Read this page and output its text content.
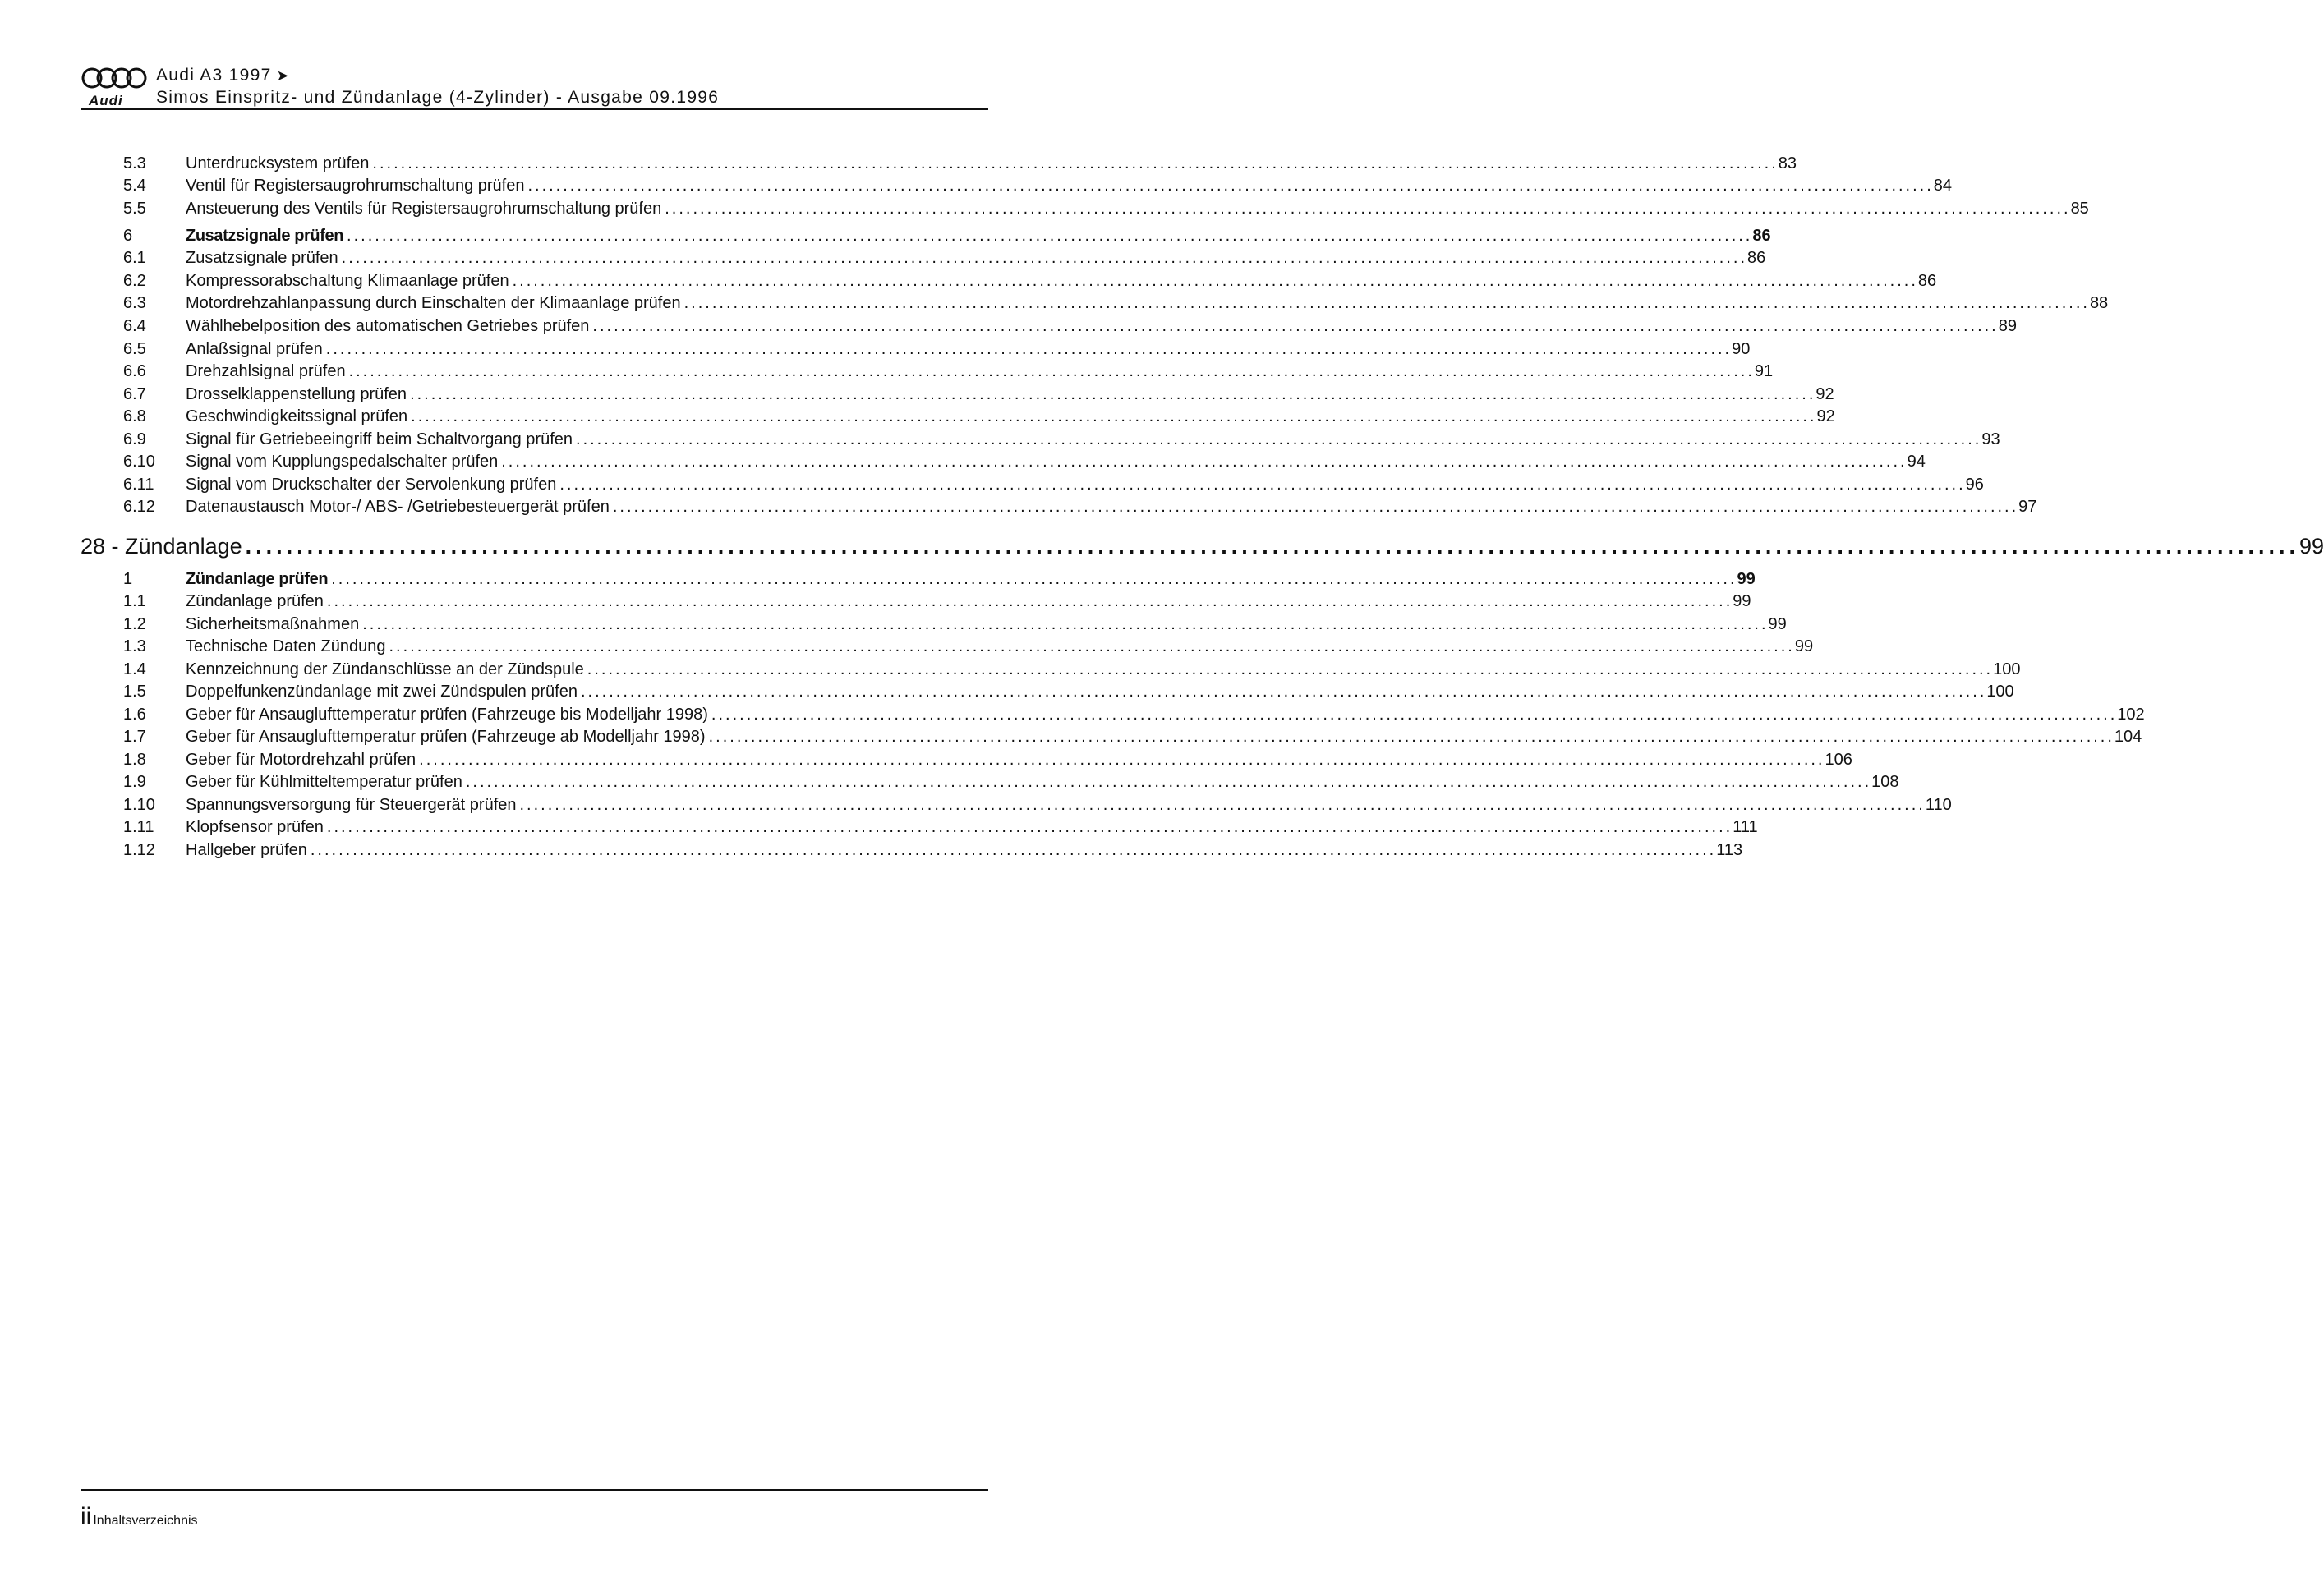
Audi
Audi A3 1997 ➤
Simos Einspritz- und Zündanlage (4-Zylinder) - Ausgabe 09.1996
5.3 Unterdrucksystem prüfen ........................................................................................................................................................................................................ 83
5.4 Ventil für Registersaugrohrumschaltung prüfen ........................................................................................................................................................................................................ 84
5.5 Ansteuerung des Ventils für Registersaugrohrumschaltung prüfen ........................................................................................................................................................................................................ 85
6	Zusatzsignale prüfen ........................................................................................................................................................................................................ 86
6.1 Zusatzsignale prüfen ........................................................................................................................................................................................................ 86
6.2 Kompressorabschaltung Klimaanlage prüfen ........................................................................................................................................................................................................ 86
6.3 Motordrehzahlanpassung durch Einschalten der Klimaanlage prüfen ........................................................................................................................................................................................................ 88
6.4 Wählhebelposition des automatischen Getriebes prüfen ........................................................................................................................................................................................................ 89
6.5 Anlaßsignal prüfen ........................................................................................................................................................................................................ 90
6.6 Drehzahlsignal prüfen ........................................................................................................................................................................................................ 91
6.7 Drosselklappenstellung prüfen ........................................................................................................................................................................................................ 92
6.8 Geschwindigkeitssignal prüfen ........................................................................................................................................................................................................ 92
6.9 Signal für Getriebeeingriff beim Schaltvorgang prüfen ........................................................................................................................................................................................................ 93
6.10 Signal vom Kupplungspedalschalter prüfen ........................................................................................................................................................................................................ 94
6.11 Signal vom Druckschalter der Servolenkung prüfen ........................................................................................................................................................................................................ 96
6.12 Datenaustausch Motor-/ ABS- /Getriebesteuergerät prüfen ........................................................................................................................................................................................................ 97
28 - Zündanlage ........................................................................................................................................................................................................ 99
1	Zündanlage prüfen ........................................................................................................................................................................................................ 99
1.1 Zündanlage prüfen ........................................................................................................................................................................................................ 99
1.2 Sicherheitsmaßnahmen ........................................................................................................................................................................................................ 99
1.3 Technische Daten Zündung ........................................................................................................................................................................................................ 99
1.4 Kennzeichnung der Zündanschlüsse an der Zündspule ........................................................................................................................................................................................................ 100
1.5 Doppelfunkenzündanlage mit zwei Zündspulen prüfen ........................................................................................................................................................................................................ 100
1.6 Geber für Ansauglufttemperatur prüfen (Fahrzeuge bis Modelljahr 1998) ........................................................................................................................................................................................................ 102
1.7 Geber für Ansauglufttemperatur prüfen (Fahrzeuge ab Modelljahr 1998) ........................................................................................................................................................................................................ 104
1.8 Geber für Motordrehzahl prüfen ........................................................................................................................................................................................................ 106
1.9 Geber für Kühlmitteltemperatur prüfen ........................................................................................................................................................................................................ 108
1.10 Spannungsversorgung für Steuergerät prüfen ........................................................................................................................................................................................................ 110
1.11 Klopfsensor prüfen ........................................................................................................................................................................................................ 111
1.12 Hallgeber prüfen ........................................................................................................................................................................................................ 113
ii Inhaltsverzeichnis
